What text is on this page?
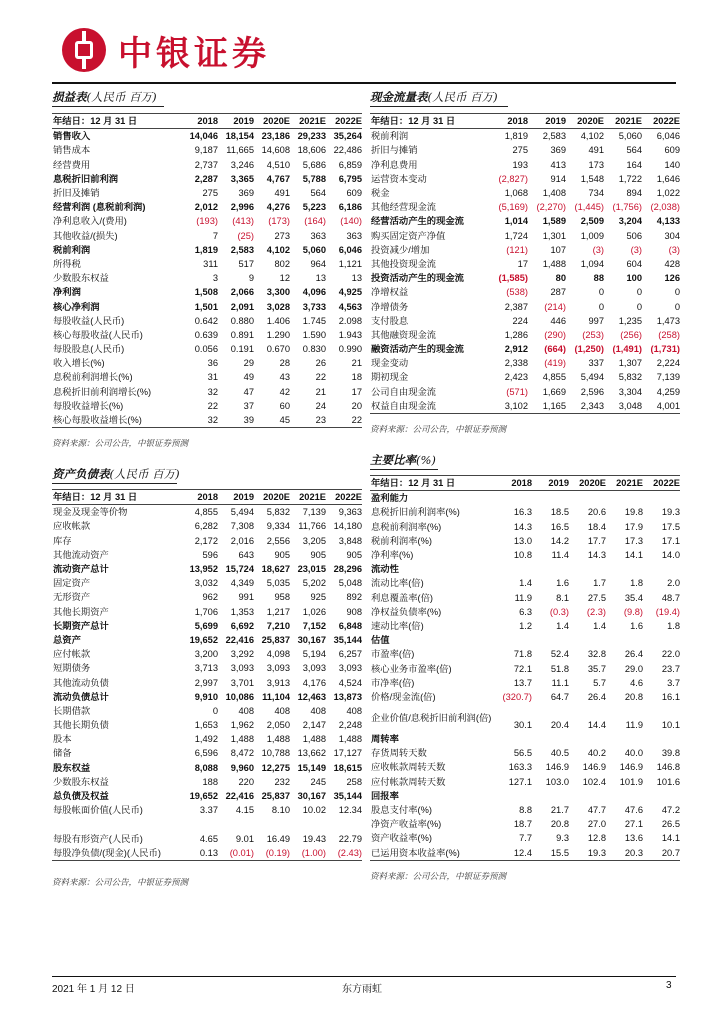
中银证券
损益表(人民币 百万)
年结日：12 月 31 日	2018	2019	2020E	2021E	2022E
销售收入	14,046	18,154	23,186	29,233	35,264
销售成本	9,187	11,665	14,608	18,606	22,486
经营费用	2,737	3,246	4,510	5,686	6,859
息税折旧前利润	2,287	3,365	4,767	5,788	6,795
折旧及摊销	275	369	491	564	609
经营利润 (息税前利润)	2,012	2,996	4,276	5,223	6,186
净利息收入/(费用)	(193)	(413)	(173)	(164)	(140)
其他收益/(损失)	7	(25)	273	363	363
税前利润	1,819	2,583	4,102	5,060	6,046
所得税	311	517	802	964	1,121
少数股东权益	3	9	12	13	13
净利润	1,508	2,066	3,300	4,096	4,925
核心净利润	1,501	2,091	3,028	3,733	4,563
每股收益(人民币)	0.642	0.880	1.406	1.745	2.098
核心每股收益(人民币)	0.639	0.891	1.290	1.590	1.943
每股股息(人民币)	0.056	0.191	0.670	0.830	0.990
收入增长(%)	36	29	28	26	21
息税前利润增长(%)	31	49	43	22	18
息税折旧前利润增长(%)	32	47	42	21	17
每股收益增长(%)	22	37	60	24	20
核心每股收益增长(%)	32	39	45	23	22
资料来源：公司公告，中银证券预测
现金流量表(人民币 百万)
年结日：12 月 31 日	2018	2019	2020E	2021E	2022E
税前利润	1,819	2,583	4,102	5,060	6,046
折旧与摊销	275	369	491	564	609
净利息费用	193	413	173	164	140
运营资本变动	(2,827)	914	1,548	1,722	1,646
税金	1,068	1,408	734	894	1,022
其他经营现金流	(5,169)	(2,270)	(1,445)	(1,756)	(2,038)
经营活动产生的现金流	1,014	1,589	2,509	3,204	4,133
购买固定资产净值	1,724	1,301	1,009	506	304
投资减少/增加	(121)	107	(3)	(3)	(3)
其他投资现金流	17	1,488	1,094	604	428
投资活动产生的现金流	(1,585)	80	88	100	126
净增权益	(538)	287	0	0	0
净增债务	2,387	(214)	0	0	0
支付股息	224	446	997	1,235	1,473
其他融资现金流	1,286	(290)	(253)	(256)	(258)
融资活动产生的现金流	2,912	(664)	(1,250)	(1,491)	(1,731)
现金变动	2,338	(419)	337	1,307	2,224
期初现金	2,423	4,855	5,494	5,832	7,139
公司自由现金流	(571)	1,669	2,596	3,304	4,259
权益自由现金流	3,102	1,165	2,343	3,048	4,001
资料来源：公司公告，中银证券预测
资产负债表(人民币 百万)
年结日：12 月 31 日	2018	2019	2020E	2021E	2022E
现金及现金等价物	4,855	5,494	5,832	7,139	9,363
应收帐款	6,282	7,308	9,334	11,766	14,180
库存	2,172	2,016	2,556	3,205	3,848
其他流动资产	596	643	905	905	905
流动资产总计	13,952	15,724	18,627	23,015	28,296
固定资产	3,032	4,349	5,035	5,202	5,048
无形资产	962	991	958	925	892
其他长期资产	1,706	1,353	1,217	1,026	908
长期资产总计	5,699	6,692	7,210	7,152	6,848
总资产	19,652	22,416	25,837	30,167	35,144
应付帐款	3,200	3,292	4,098	5,194	6,257
短期债务	3,713	3,093	3,093	3,093	3,093
其他流动负债	2,997	3,701	3,913	4,176	4,524
流动负债总计	9,910	10,086	11,104	12,463	13,873
长期借款	0	408	408	408	408
其他长期负债	1,653	1,962	2,050	2,147	2,248
股本	1,492	1,488	1,488	1,488	1,488
储备	6,596	8,472	10,788	13,662	17,127
股东权益	8,088	9,960	12,275	15,149	18,615
少数股东权益	188	220	232	245	258
总负债及权益	19,652	22,416	25,837	30,167	35,144
每股帐面价值(人民币)	3.37	4.15	8.10	10.02	12.34

每股有形资产(人民币)	4.65	9.01	16.49	19.43	22.79
每股净负债/(现金)(人民币)	0.13	(0.01)	(0.19)	(1.00)	(2.43)
资料来源：公司公告，中银证券预测
主要比率(%)
年结日：12 月 31 日	2018	2019	2020E	2021E	2022E
盈利能力					
息税折旧前利润率(%)	16.3	18.5	20.6	19.8	19.3
息税前利润率(%)	14.3	16.5	18.4	17.9	17.5
税前利润率(%)	13.0	14.2	17.7	17.3	17.1
净利率(%)	10.8	11.4	14.3	14.1	14.0
流动性					
流动比率(倍)	1.4	1.6	1.7	1.8	2.0
利息覆盖率(倍)	11.9	8.1	27.5	35.4	48.7
净权益负债率(%)	6.3	(0.3)	(2.3)	(9.8)	(19.4)
速动比率(倍)	1.2	1.4	1.4	1.6	1.8
估值					
市盈率(倍)	71.8	52.4	32.8	26.4	22.0
核心业务市盈率(倍)	72.1	51.8	35.7	29.0	23.7
市净率(倍)	13.7	11.1	5.7	4.6	3.7
价格/现金流(倍)	(320.7)	64.7	26.4	20.8	16.1
企业价值/息税折旧前利润(倍)	30.1	20.4	14.4	11.9	10.1
周转率					
存货周转天数	56.5	40.5	40.2	40.0	39.8
应收帐款周转天数	163.3	146.9	146.9	146.9	146.8
应付帐款周转天数	127.1	103.0	102.4	101.9	101.6
回报率					
股息支付率(%)	8.8	21.7	47.7	47.6	47.2
净资产收益率(%)	18.7	20.8	27.0	27.1	26.5
资产收益率(%)	7.7	9.3	12.8	13.6	14.1
已运用资本收益率(%)	12.4	15.5	19.3	20.3	20.7
资料来源：公司公告，中银证券预测
2021 年 1 月 12 日	东方雨虹	3
